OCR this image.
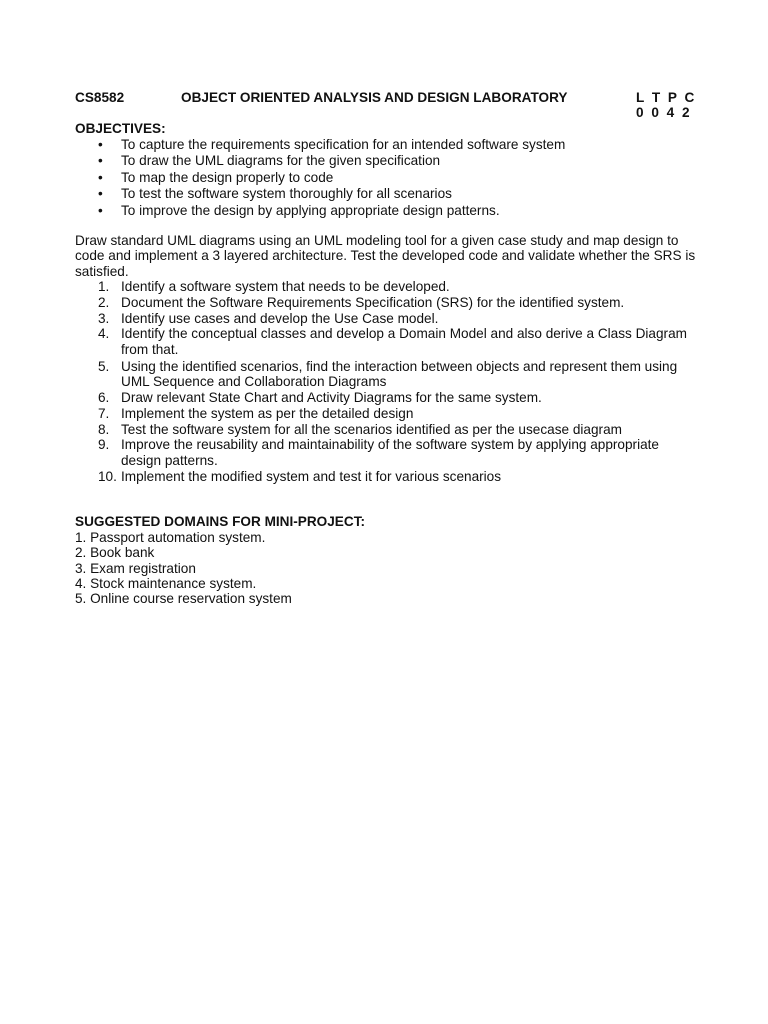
CS8582	OBJECT ORIENTED ANALYSIS AND DESIGN LABORATORY	L T P C
0 0 4 2
OBJECTIVES:
• To capture the requirements specification for an intended software system
• To draw the UML diagrams for the given specification
• To map the design properly to code
• To test the software system thoroughly for all scenarios
• To improve the design by applying appropriate design patterns.
Draw standard UML diagrams using an UML modeling tool for a given case study and map design to code and implement a 3 layered architecture. Test the developed code and validate whether the SRS is satisfied.
1. Identify a software system that needs to be developed.
2. Document the Software Requirements Specification (SRS) for the identified system.
3. Identify use cases and develop the Use Case model.
4. Identify the conceptual classes and develop a Domain Model and also derive a Class Diagram from that.
5. Using the identified scenarios, find the interaction between objects and represent them using
UML Sequence and Collaboration Diagrams
6. Draw relevant State Chart and Activity Diagrams for the same system.
7. Implement the system as per the detailed design
8. Test the software system for all the scenarios identified as per the usecase diagram
9. Improve the reusability and maintainability of the software system by applying appropriate design patterns.
10. Implement the modified system and test it for various scenarios
SUGGESTED DOMAINS FOR MINI-PROJECT:
1. Passport automation system.
2. Book bank
3. Exam registration
4. Stock maintenance system.
5. Online course reservation system
